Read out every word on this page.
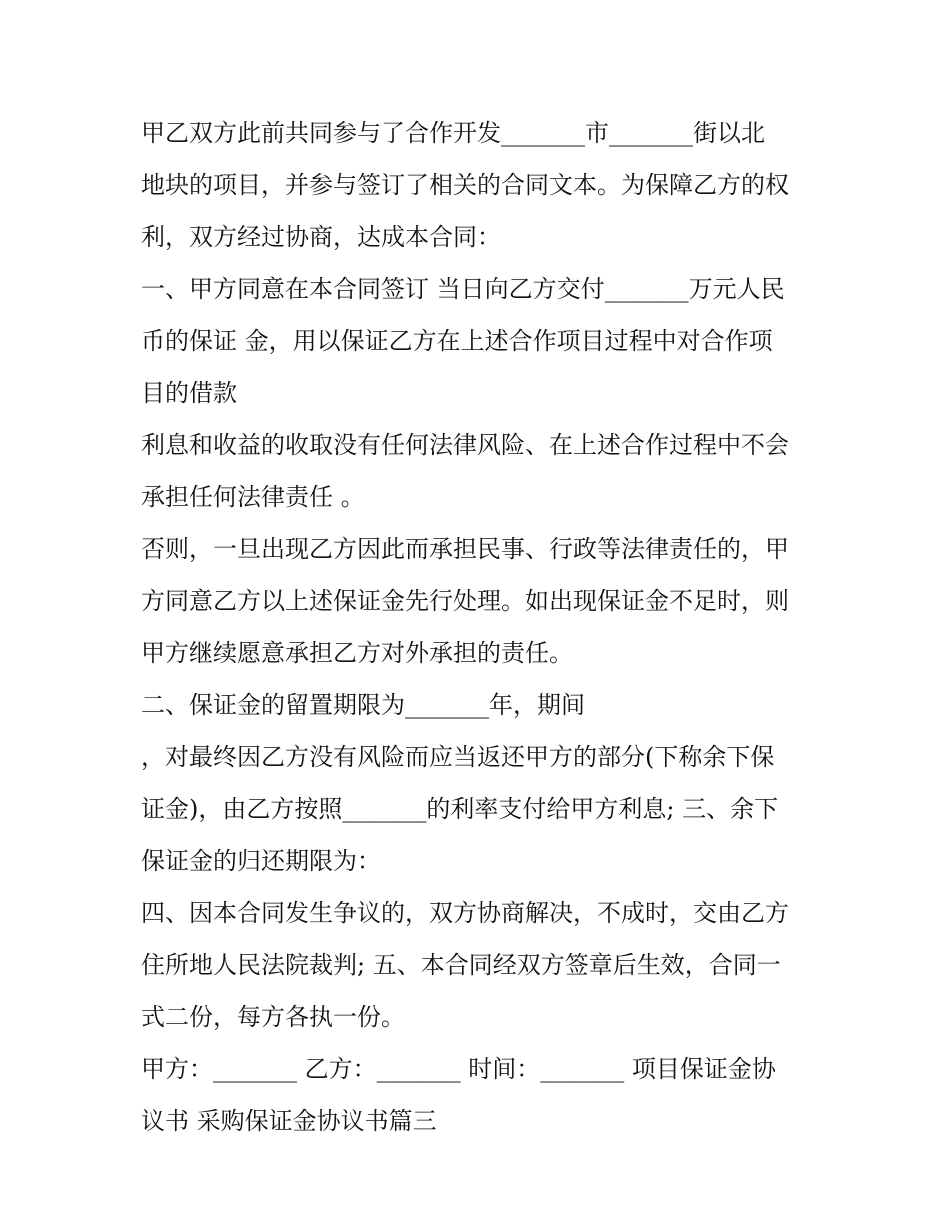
甲乙双方此前共同参与了合作开发_______市_______街以北
地块的项目，并参与签订了相关的合同文本。为保障乙方的权
利，双方经过协商，达成本合同：
一、甲方同意在本合同签订 当日向乙方交付_______万元人民
币的保证 金，用以保证乙方在上述合作项目过程中对合作项
目的借款
利息和收益的收取没有任何法律风险、在上述合作过程中不会
承担任何法律责任 。
否则，一旦出现乙方因此而承担民事、行政等法律责任的，甲
方同意乙方以上述保证金先行处理。如出现保证金不足时，则
甲方继续愿意承担乙方对外承担的责任。
二、保证金的留置期限为_______年，期间
，对最终因乙方没有风险而应当返还甲方的部分(下称余下保
证金)，由乙方按照_______的利率支付给甲方利息; 三、余下
保证金的归还期限为：
四、因本合同发生争议的，双方协商解决，不成时，交由乙方
住所地人民法院裁判; 五、本合同经双方签章后生效，合同一
式二份，每方各执一份。
甲方：_______ 乙方：_______ 时间：_______ 项目保证金协
议书 采购保证金协议书篇三
